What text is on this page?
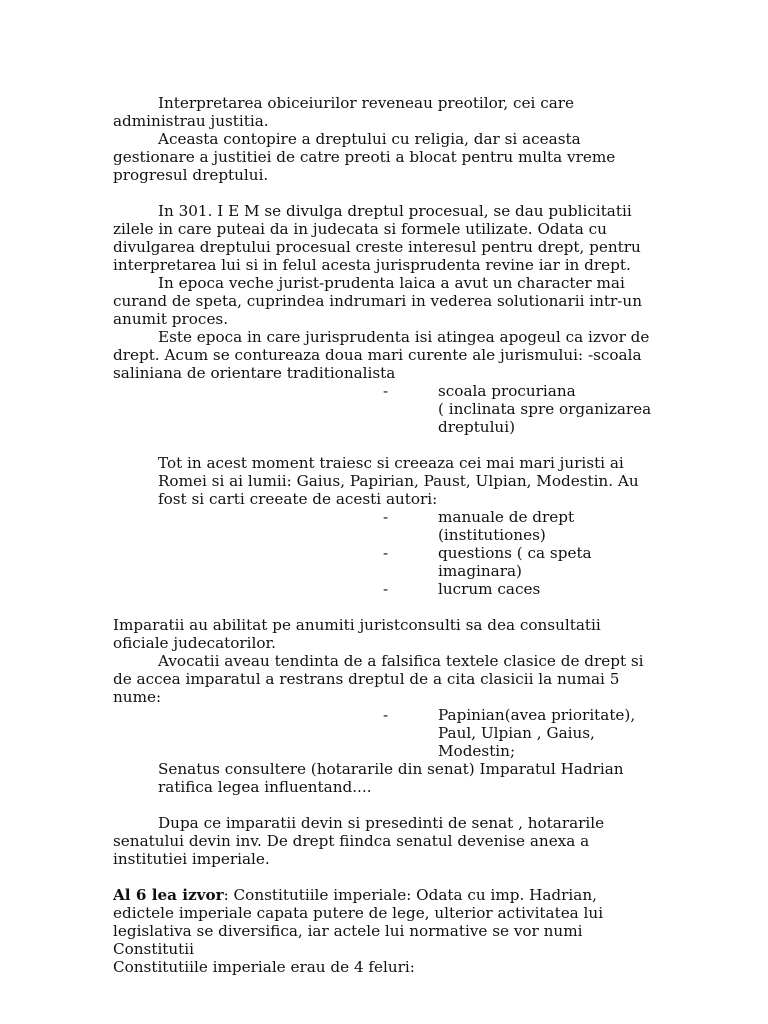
Interpretarea obiceiurilor reveneau preotilor, cei care
administrau justitia.
Aceasta contopire a dreptului cu religia, dar si aceasta
gestionare a justitiei de catre preoti a blocat pentru multa vreme
progresul dreptului.
In 301. I E M se divulga dreptul procesual, se dau publicitatii
zilele in care puteai da in judecata si formele utilizate. Odata cu
divulgarea dreptului procesual creste interesul pentru drept, pentru
interpretarea lui si in felul acesta jurisprudenta revine iar in drept.
In epoca veche jurist-prudenta laica a avut un character mai
curand de speta, cuprindea indrumari in vederea solutionarii intr-un
anumit proces.
Este epoca in care jurisprudenta isi atingea apogeul ca izvor de
drept. Acum se contureaza doua mari curente ale jurismului: -scoala
saliniana de orientare traditionalista
-	scoala procuriana
( inclinata spre organizarea
dreptului)
Tot in acest moment traiesc si creeaza cei mai mari juristi ai
Romei si ai lumii: Gaius, Papirian, Paust, Ulpian, Modestin. Au
fost si carti creeate de acesti autori:
-	manuale de drept
(institutiones)
-	questions ( ca speta
imaginara)
-	lucrum caces
Imparatii au abilitat pe anumiti juristconsulti sa dea consultatii
oficiale judecatorilor.
Avocatii aveau tendinta de a falsifica textele clasice de drept si
de accea imparatul a restrans dreptul de a cita clasicii la numai 5
nume:
-	Papinian(avea prioritate),
Paul, Ulpian , Gaius,
Modestin;
Senatus consultere (hotararile din senat) Imparatul Hadrian
ratifica legea influentand....
Dupa ce imparatii devin si presedinti de senat , hotararile
senatului devin inv. De drept fiindca senatul devenise anexa a
institutiei imperiale.
Al 6 lea izvor: Constitutiile imperiale: Odata cu imp. Hadrian,
edictele imperiale capata putere de lege, ulterior activitatea lui
legislativa se diversifica, iar actele lui normative se vor numi
Constitutii
Constitutiile imperiale erau de 4 feluri:
